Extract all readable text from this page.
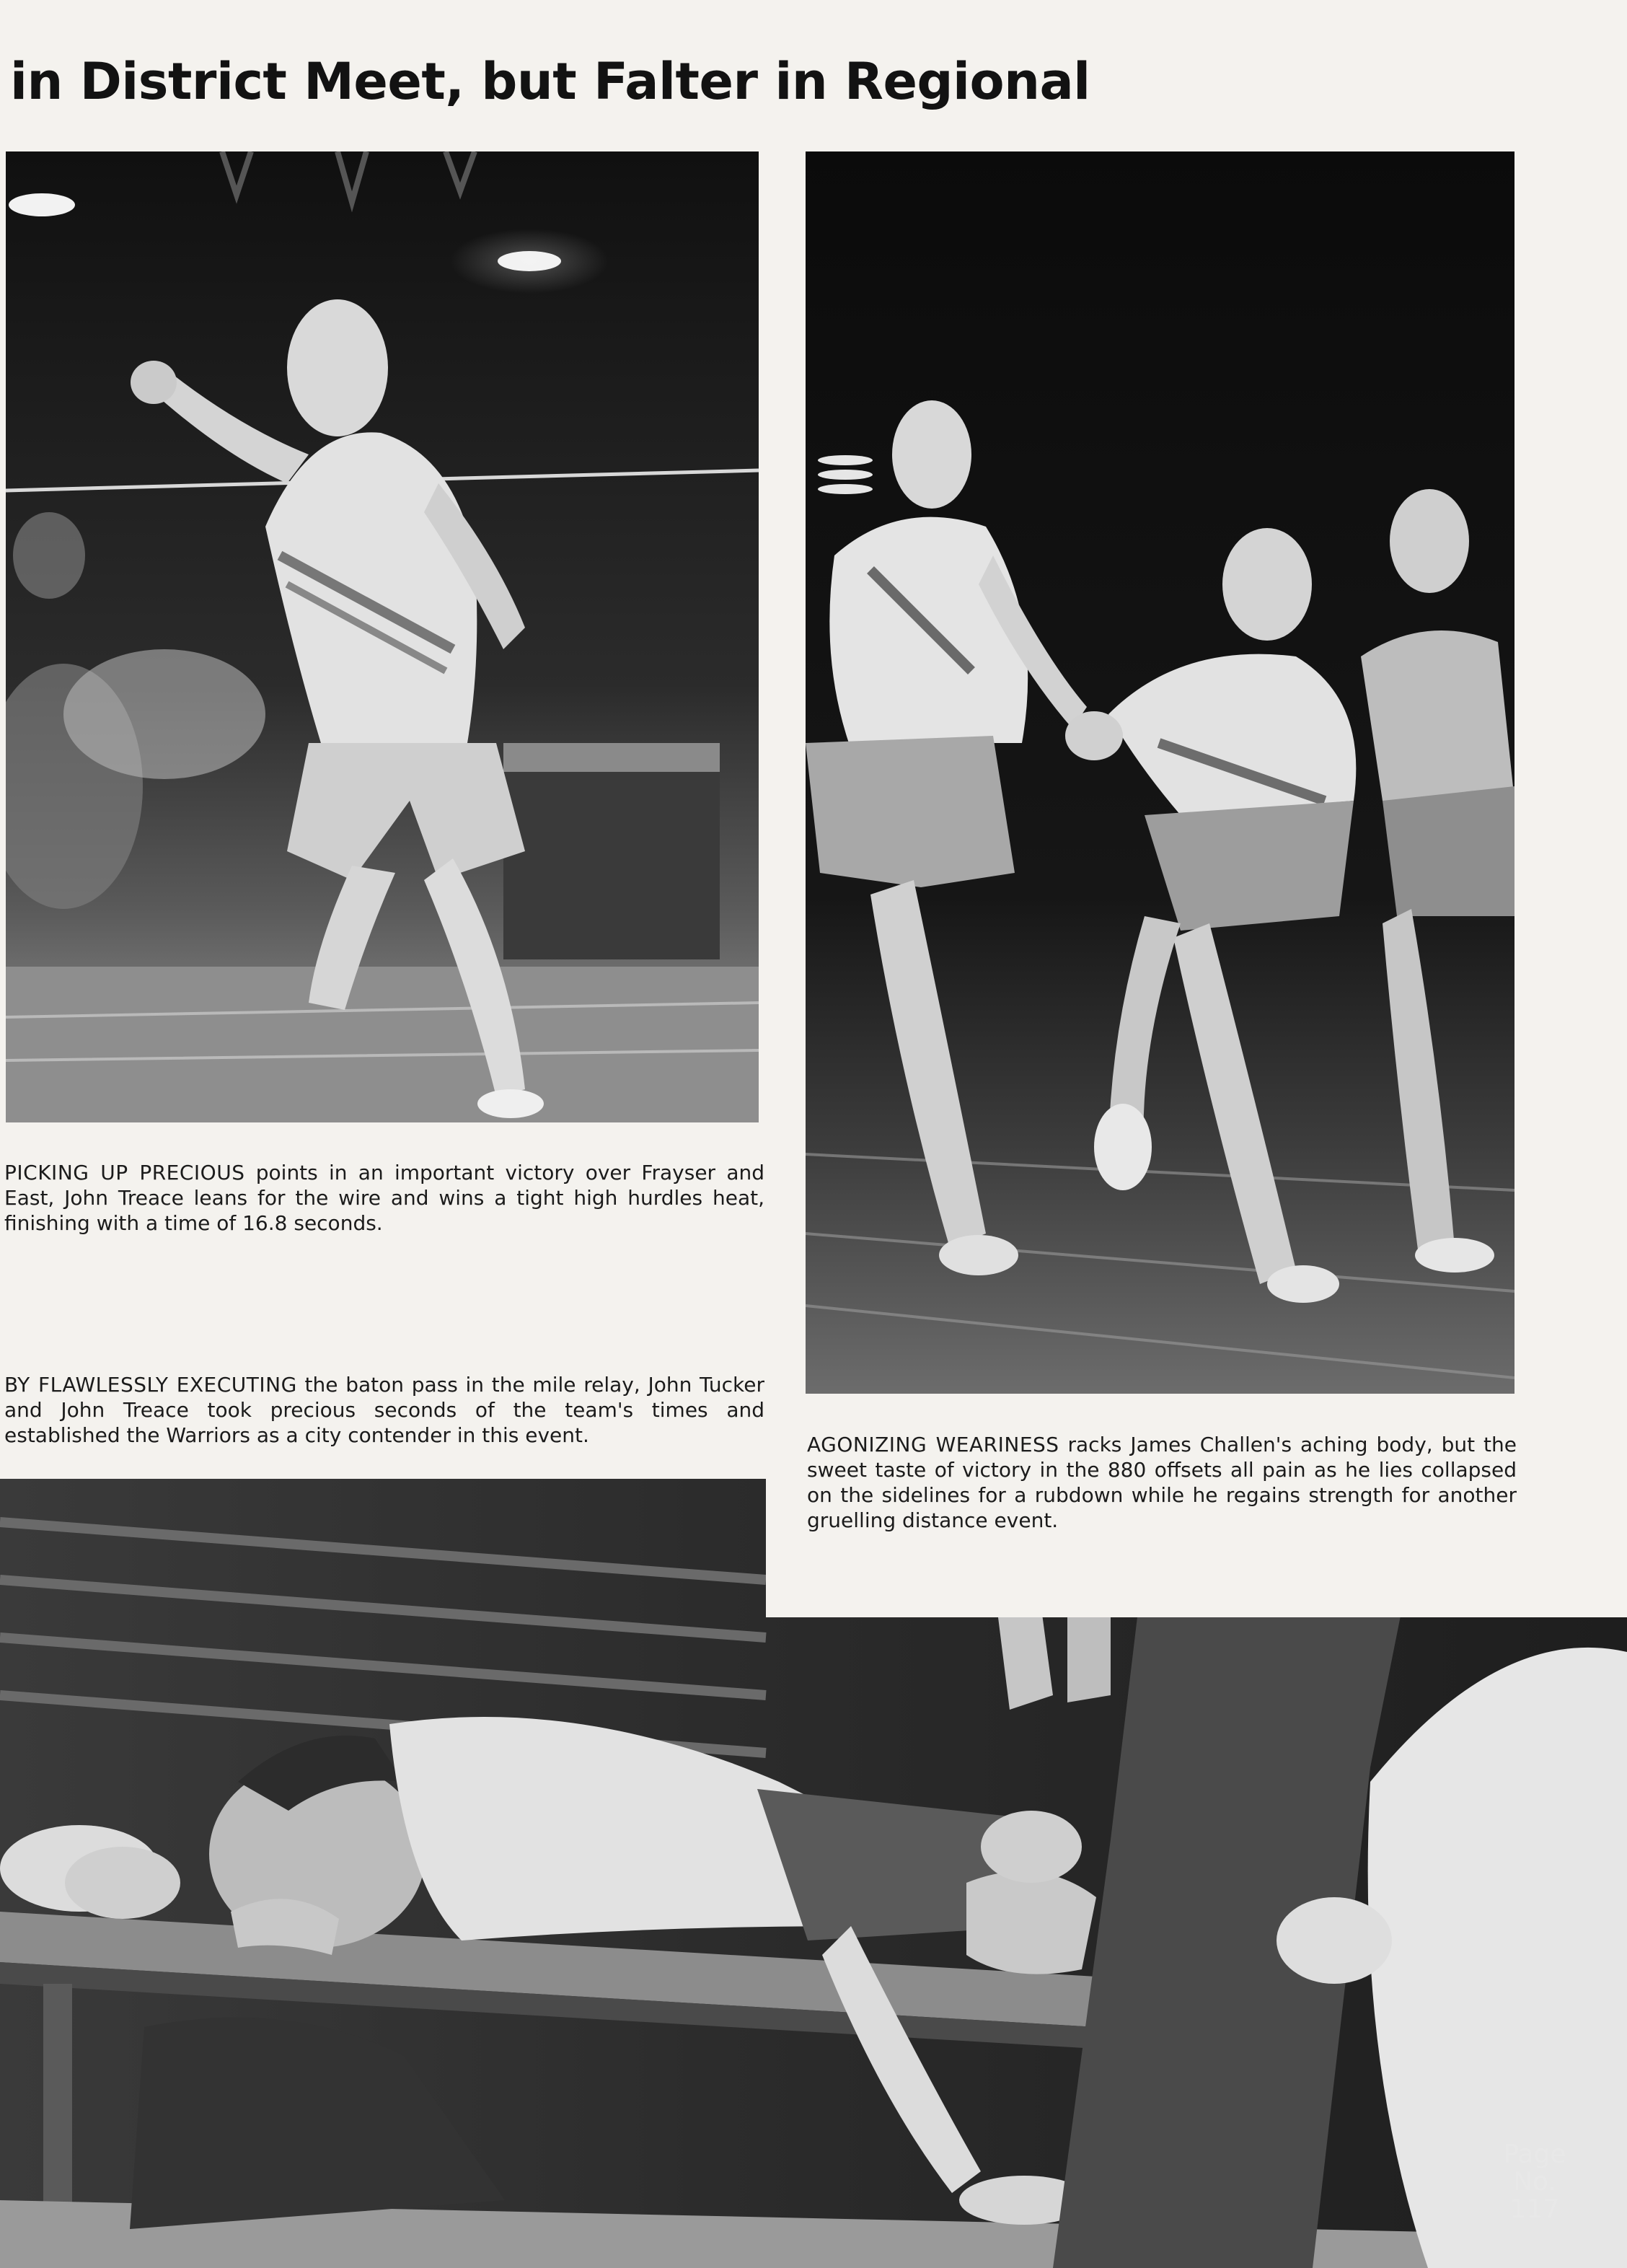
in District Meet, but Falter in Regional

PICKING UP PRECIOUS points in an important victory over Frayser and East, John Treace leans for the wire and wins a tight high hurdles heat, finishing with a time of 16.8 seconds.

BY FLAWLESSLY EXECUTING the baton pass in the mile relay, John Tucker and John Treace took precious seconds of the team's times and established the Warriors as a city contender in this event.	AGONIZING WEARINESS racks James Challen's aching body, but the sweet taste of victory in the 880 offsets all pain as he lies collapsed on the sidelines for a rubdown while he regains strength for another gruelling distance event.

Page
No.
117
